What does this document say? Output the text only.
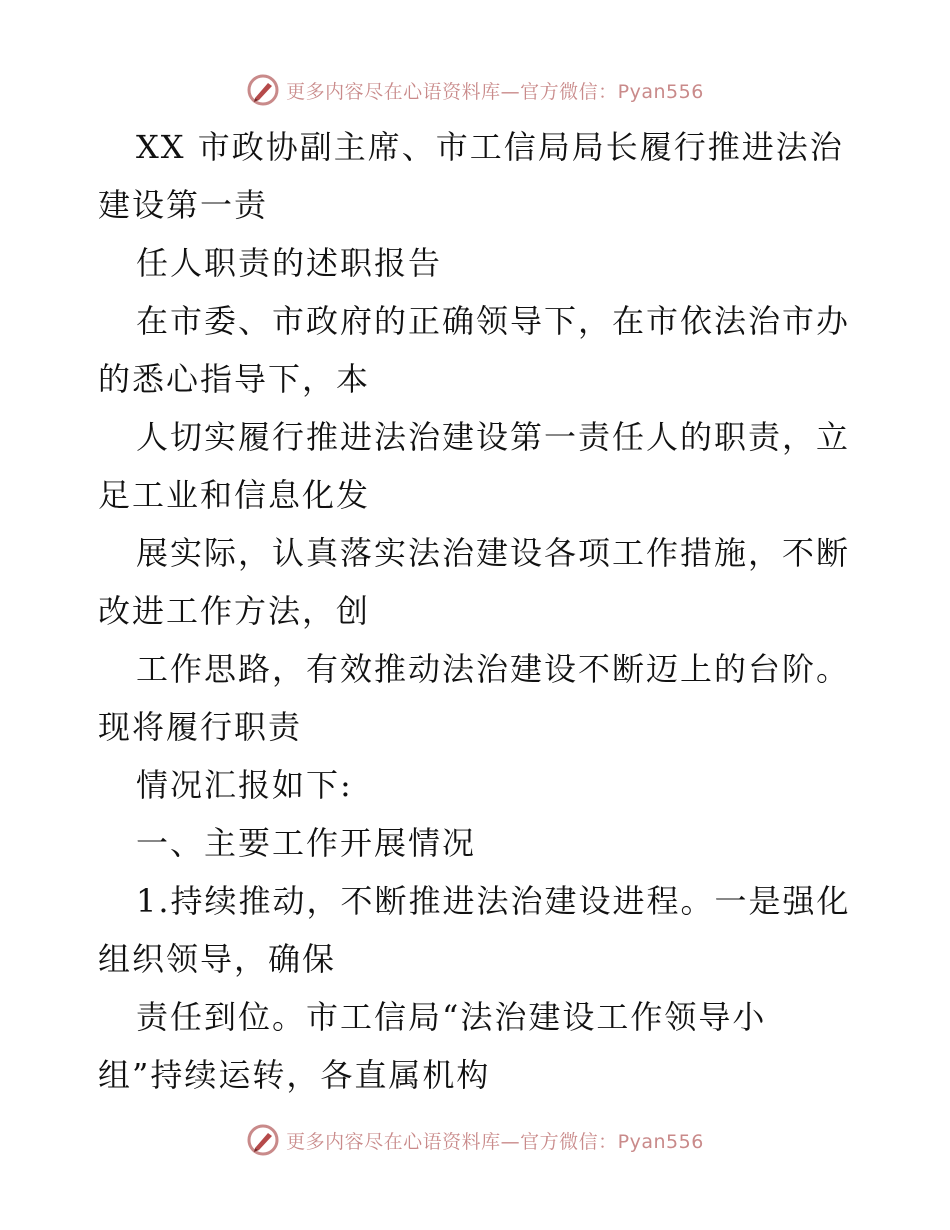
更多内容尽在心语资料库—官方微信：Pyan556
XX 市政协副主席、市工信局局长履行推进法治
建设第一责
任人职责的述职报告
在市委、市政府的正确领导下，在市依法治市办
的悉心指导下，本
人切实履行推进法治建设第一责任人的职责，立
足工业和信息化发
展实际，认真落实法治建设各项工作措施，不断
改进工作方法，创
工作思路，有效推动法治建设不断迈上的台阶。
现将履行职责
情况汇报如下:
一、主要工作开展情况
1.持续推动，不断推进法治建设进程。一是强化
组织领导，确保
责任到位。市工信局“法治建设工作领导小
组”持续运转，各直属机构
更多内容尽在心语资料库—官方微信：Pyan556
